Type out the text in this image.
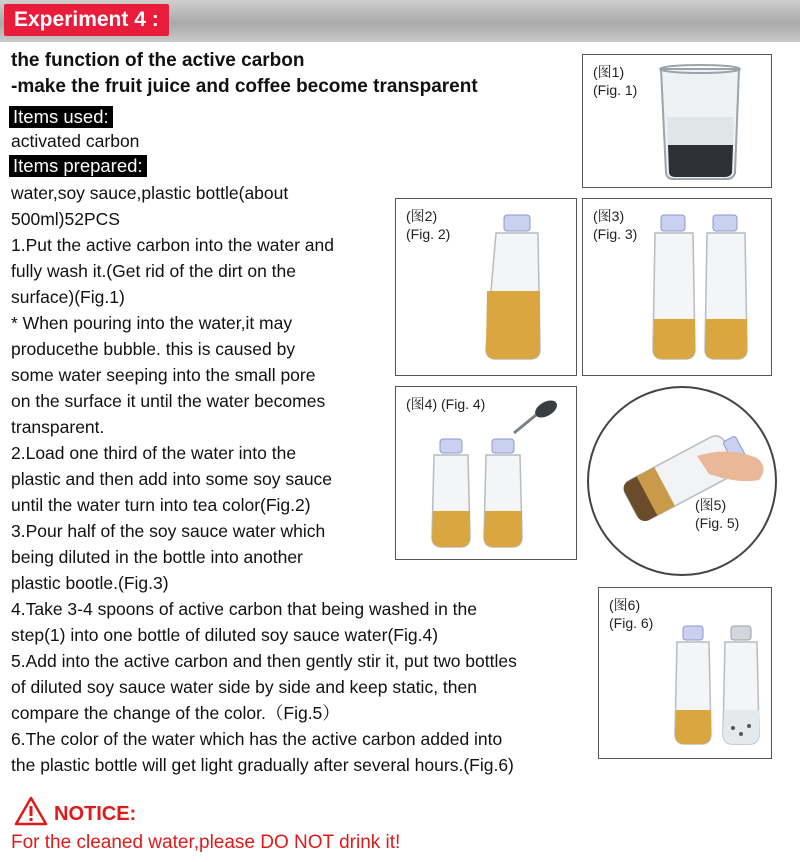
Experiment 4 :
the function of the active carbon
-make the fruit juice and coffee become transparent
Items used:
activated carbon
Items prepared:
water,soy sauce,plastic bottle(about
500ml)52PCS
1.Put the active carbon into the water and
fully wash it.(Get rid of the dirt on the
surface)(Fig.1)
* When pouring into the water,it may
producethe bubble. this is caused by
some water seeping into the small pore
on the surface it until the water becomes
transparent.
2.Load one third of the water into the
plastic and then add into some soy sauce
until the water turn into tea color(Fig.2)
3.Pour half of the soy sauce water which
being diluted in the bottle into another
plastic bootle.(Fig.3)
4.Take 3-4 spoons of active carbon that being washed in the
step(1) into one bottle of diluted soy sauce water(Fig.4)
5.Add into the active carbon and then gently stir it, put two bottles
of diluted soy sauce water side by side and keep static, then
compare the change of the color.（Fig.5）
6.The color of the water which has the active carbon added into
the plastic bottle will get light gradually after several hours.(Fig.6)
(图1)
(Fig. 1)
(图2)
(Fig. 2)
(图3)
(Fig. 3)
(图4) (Fig. 4)
(图5)
(Fig. 5)
(图6)
(Fig. 6)
NOTICE:
For the cleaned water,please DO NOT drink it!
